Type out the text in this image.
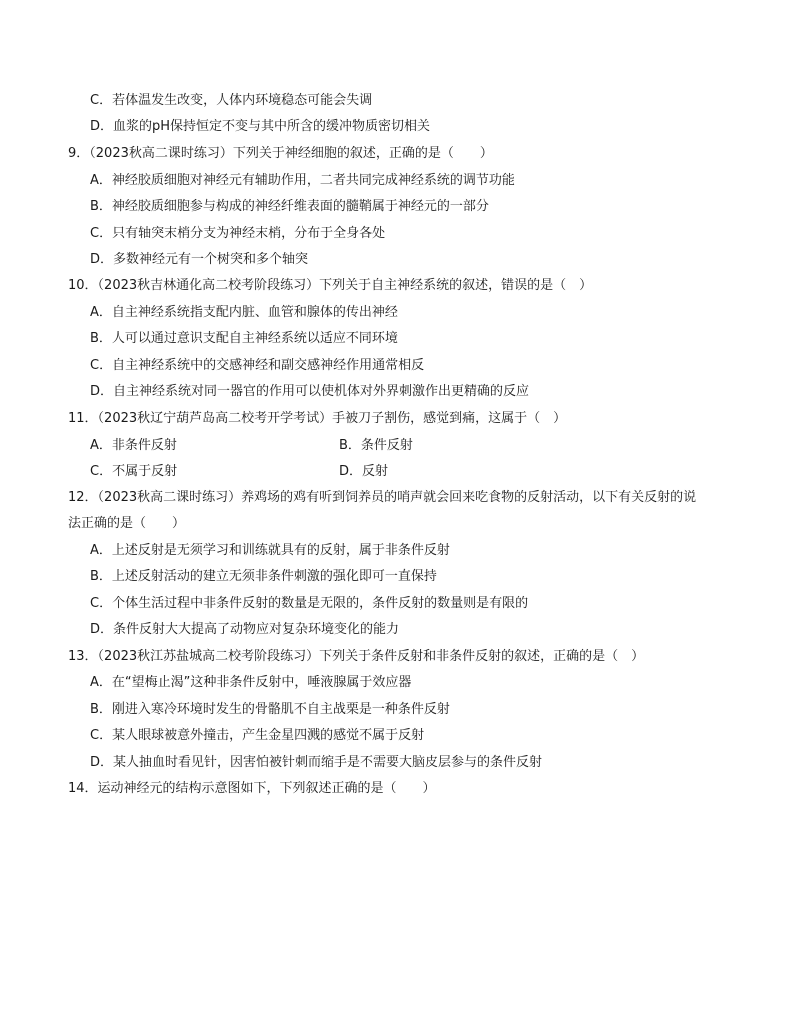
C．若体温发生改变，人体内环境稳态可能会失调
D．血浆的pH保持恒定不变与其中所含的缓冲物质密切相关
9．（2023秋高二课时练习）下列关于神经细胞的叙述，正确的是（　　）
A．神经胶质细胞对神经元有辅助作用，二者共同完成神经系统的调节功能
B．神经胶质细胞参与构成的神经纤维表面的髓鞘属于神经元的一部分
C．只有轴突末梢分支为神经末梢，分布于全身各处
D．多数神经元有一个树突和多个轴突
10．（2023秋吉林通化高二校考阶段练习）下列关于自主神经系统的叙述，错误的是（　）
A．自主神经系统指支配内脏、血管和腺体的传出神经
B．人可以通过意识支配自主神经系统以适应不同环境
C．自主神经系统中的交感神经和副交感神经作用通常相反
D．自主神经系统对同一器官的作用可以使机体对外界刺激作出更精确的反应
11．（2023秋辽宁葫芦岛高二校考开学考试）手被刀子割伤，感觉到痛，这属于（　）
A．非条件反射	B．条件反射
C．不属于反射	D．反射
12．（2023秋高二课时练习）养鸡场的鸡有听到饲养员的哨声就会回来吃食物的反射活动，以下有关反射的说
法正确的是（　　）
A．上述反射是无须学习和训练就具有的反射，属于非条件反射
B．上述反射活动的建立无须非条件刺激的强化即可一直保持
C．个体生活过程中非条件反射的数量是无限的，条件反射的数量则是有限的
D．条件反射大大提高了动物应对复杂环境变化的能力
13．（2023秋江苏盐城高二校考阶段练习）下列关于条件反射和非条件反射的叙述，正确的是（　）
A．在“望梅止渴”这种非条件反射中，唾液腺属于效应器
B．刚进入寒冷环境时发生的骨骼肌不自主战栗是一种条件反射
C．某人眼球被意外撞击，产生金星四溅的感觉不属于反射
D．某人抽血时看见针，因害怕被针刺而缩手是不需要大脑皮层参与的条件反射
14．运动神经元的结构示意图如下，下列叙述正确的是（　　）
